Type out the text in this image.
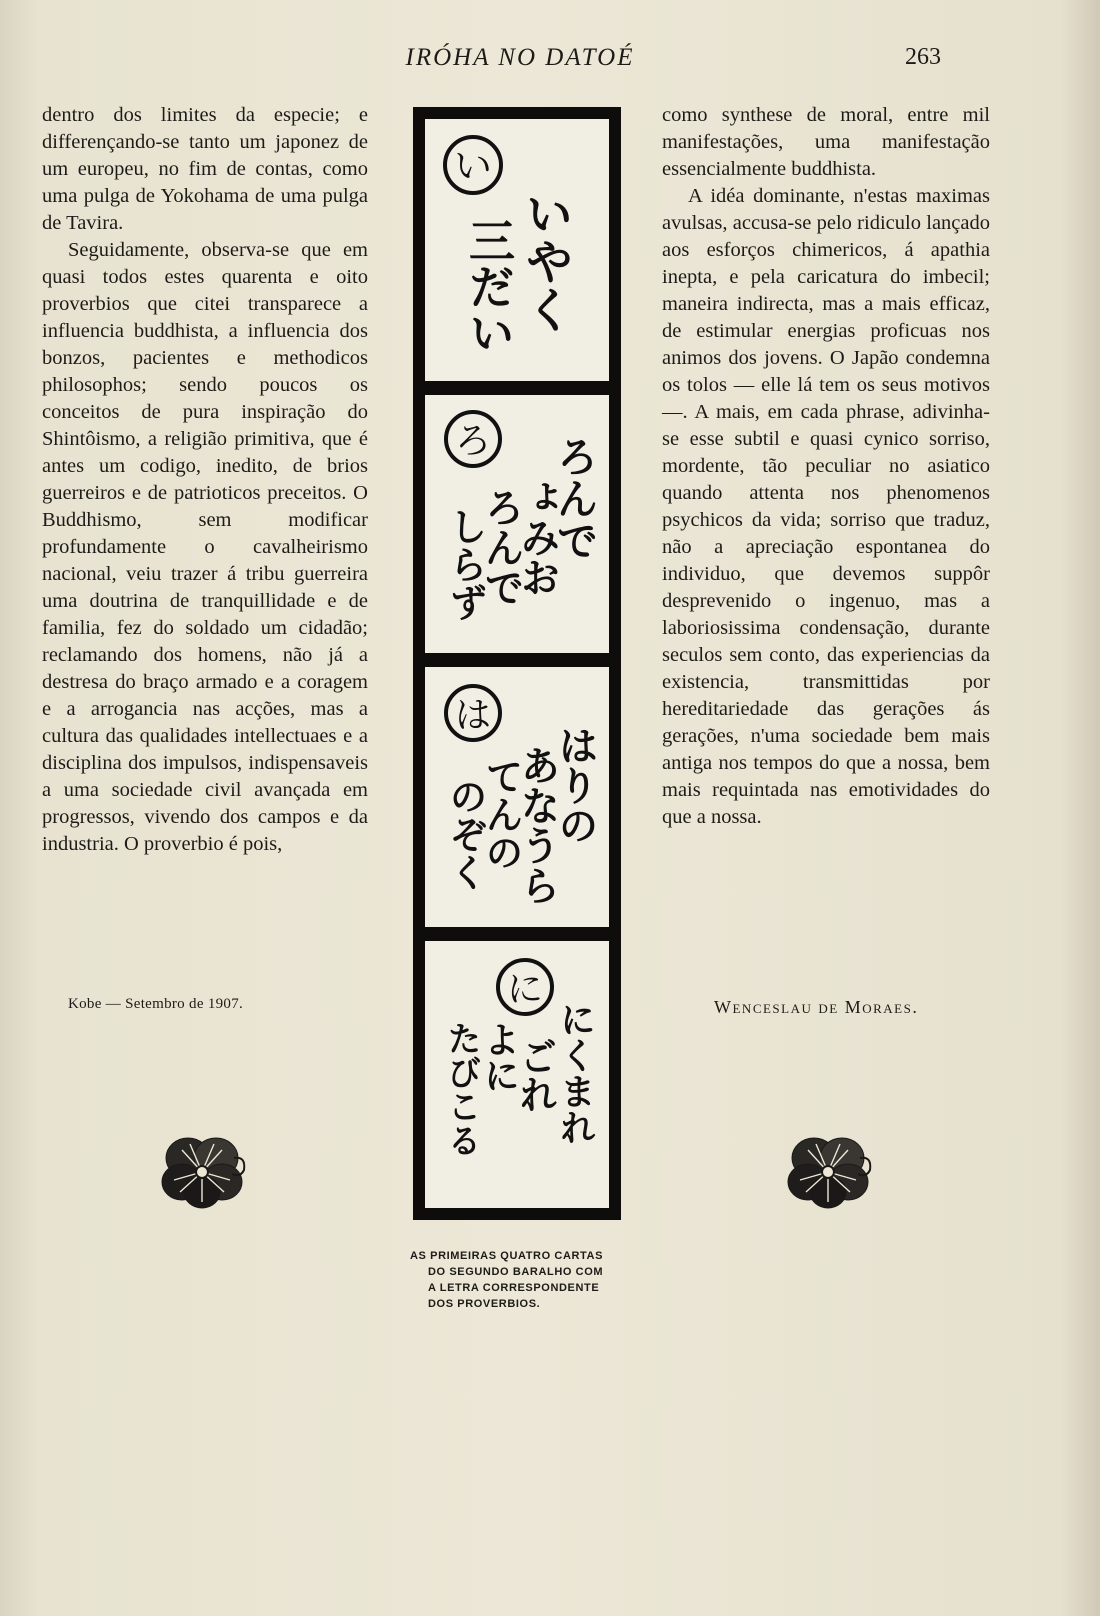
IRÓHA NO DATOÉ	263

dentro dos limites da especie; e differençando-se tanto um japonez de um europeu, no fim de contas, como uma pulga de Yokohama de uma pulga de Tavira.

Seguidamente, observa-se que em quasi todos estes quarenta e oito proverbios que citei transparece a influencia buddhista, a influencia dos bonzos, pacientes e methodicos philosophos; sendo poucos os conceitos de pura inspiração do Shintôismo, a religião primitiva, que é antes um codigo, inedito, de brios guerreiros e de patrioticos preceitos. O Buddhismo, sem modificar profundamente o cavalheirismo nacional, veiu trazer á tribu guerreira uma doutrina de tranquillidade e de familia, fez do soldado um cidadão; reclamando dos homens, não já a destresa do braço armado e a coragem e a arrogancia nas acções, mas a cultura das qualidades intellectuaes e a disciplina dos impulsos, indispensaveis a uma sociedade civil avançada em progressos, vivendo dos campos e da industria. O proverbio é pois,

い
いやく
三だい
ろ ろんで
ょみお
ろんで
しらず
は
はりの
あなうら
てんの
のぞく
に
にくまれ
ごれ
よに
たびこる

como synthese de moral, entre mil manifestações, uma manifestação essencialmente buddhista.

A idéa dominante, n'estas maximas avulsas, accusa-se pelo ridiculo lançado aos esforços chimericos, á apathia inepta, e pela caricatura do imbecil; maneira indirecta, mas a mais efficaz, de estimular energias proficuas nos animos dos jovens. O Japão condemna os tolos — elle lá tem os seus motivos —. A mais, em cada phrase, adivinha-se esse subtil e quasi cynico sorriso, mordente, tão peculiar no asiatico quando attenta nos phenomenos psychicos da vida; sorriso que traduz, não a apreciação espontanea do individuo, que devemos suppôr desprevenido o ingenuo, mas a laboriosissima condensação, durante seculos sem conto, das experiencias da existencia, transmittidas por hereditariedade das gerações ás gerações, n'uma sociedade bem mais antiga nos tempos do que a nossa, bem mais requintada nas emotividades do que a nossa.

Kobe — Setembro de 1907.	Wenceslau de Moraes.
AS PRIMEIRAS QUATRO CARTAS
DO SEGUNDO BARALHO COM
A LETRA CORRESPONDENTE
DOS PROVERBIOS.
